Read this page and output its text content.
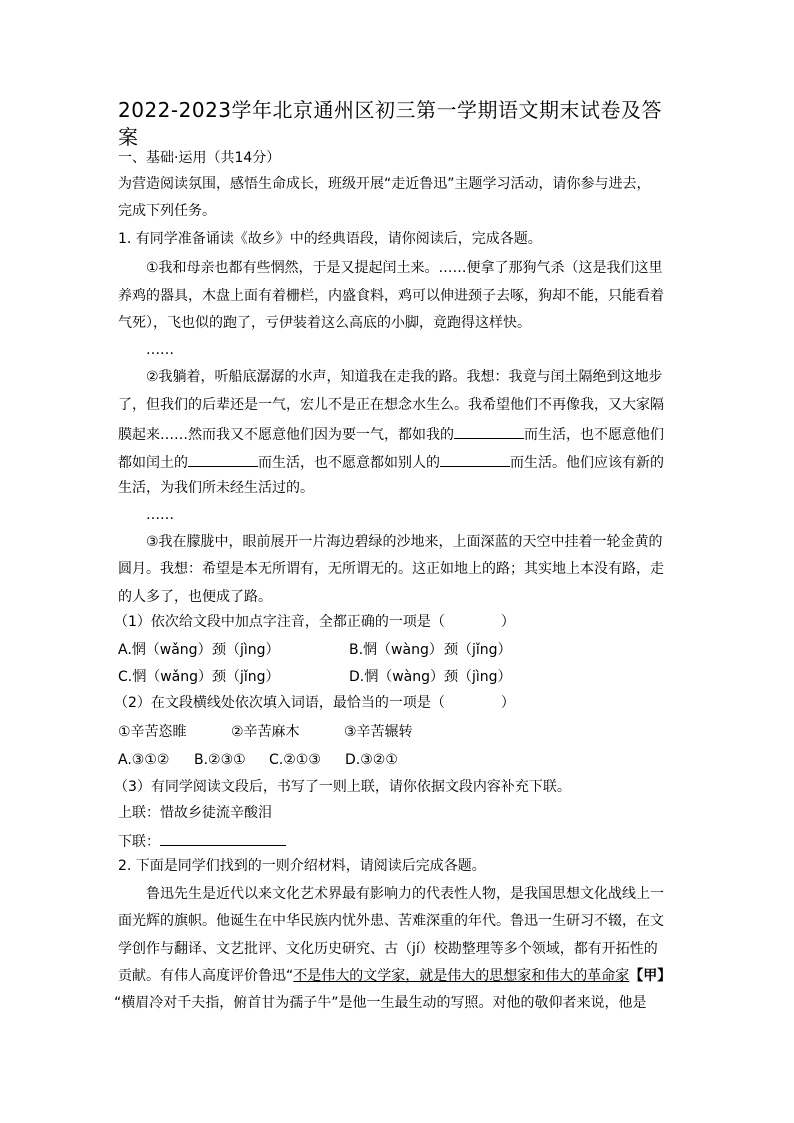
2022-2023学年北京通州区初三第一学期语文期末试卷及答
案
一、基础·运用（共14分）
为营造阅读氛围，感悟生命成长，班级开展“走近鲁迅”主题学习活动，请你参与进去，
完成下列任务。
1. 有同学准备诵读《故乡》中的经典语段，请你阅读后，完成各题。
①我和母亲也都有些惘然，于是又提起闰土来。……便拿了那狗气杀（这是我们这里
养鸡的器具，木盘上面有着栅栏，内盛食料，鸡可以伸进颈子去啄，狗却不能，只能看着
气死），飞也似的跑了，亏伊装着这么高底的小脚，竟跑得这样快。
……
②我躺着，听船底潺潺的水声，知道我在走我的路。我想：我竟与闰土隔绝到这地步
了，但我们的后辈还是一气，宏儿不是正在想念水生么。我希望他们不再像我，又大家隔
膜起来……然而我又不愿意他们因为要一气，都如我的	而生活，也不愿意他们
都如闰土的	而生活，也不愿意都如别人的	而生活。他们应该有新的
生活，为我们所未经生活过的。
……
③我在朦胧中，眼前展开一片海边碧绿的沙地来，上面深蓝的天空中挂着一轮金黄的
圆月。我想：希望是本无所谓有，无所谓无的。这正如地上的路；其实地上本没有路，走
的人多了，也便成了路。
（1）依次给文段中加点字注音，全都正确的一项是（　　　　）
A.惘（wǎng）颈（jìng）	B.惘（wàng）颈（jǐng）
C.惘（wǎng）颈（jǐng）	D.惘（wàng）颈（jìng）
（2）在文段横线处依次填入词语，最恰当的一项是（　　　　）
①辛苦恣睢	②辛苦麻木	③辛苦辗转
A.③①② B.②③① C.②①③ D.③②①
（3）有同学阅读文段后，书写了一则上联，请你依据文段内容补充下联。
上联：惜故乡徒流辛酸泪
下联：
2. 下面是同学们找到的一则介绍材料，请阅读后完成各题。
鲁迅先生是近代以来文化艺术界最有影响力的代表性人物，是我国思想文化战线上一
面光辉的旗帜。他诞生在中华民族内忧外患、苦难深重的年代。鲁迅一生研习不辍，在文
学创作与翻译、文艺批评、文化历史研究、古（jí）校勘整理等多个领域，都有开拓性的
贡献。有伟人高度评价鲁迅“不是伟大的文学家，就是伟大的思想家和伟大的革命家【甲】
“横眉冷对千夫指，俯首甘为孺子牛”是他一生最生动的写照。对他的敬仰者来说，他是
